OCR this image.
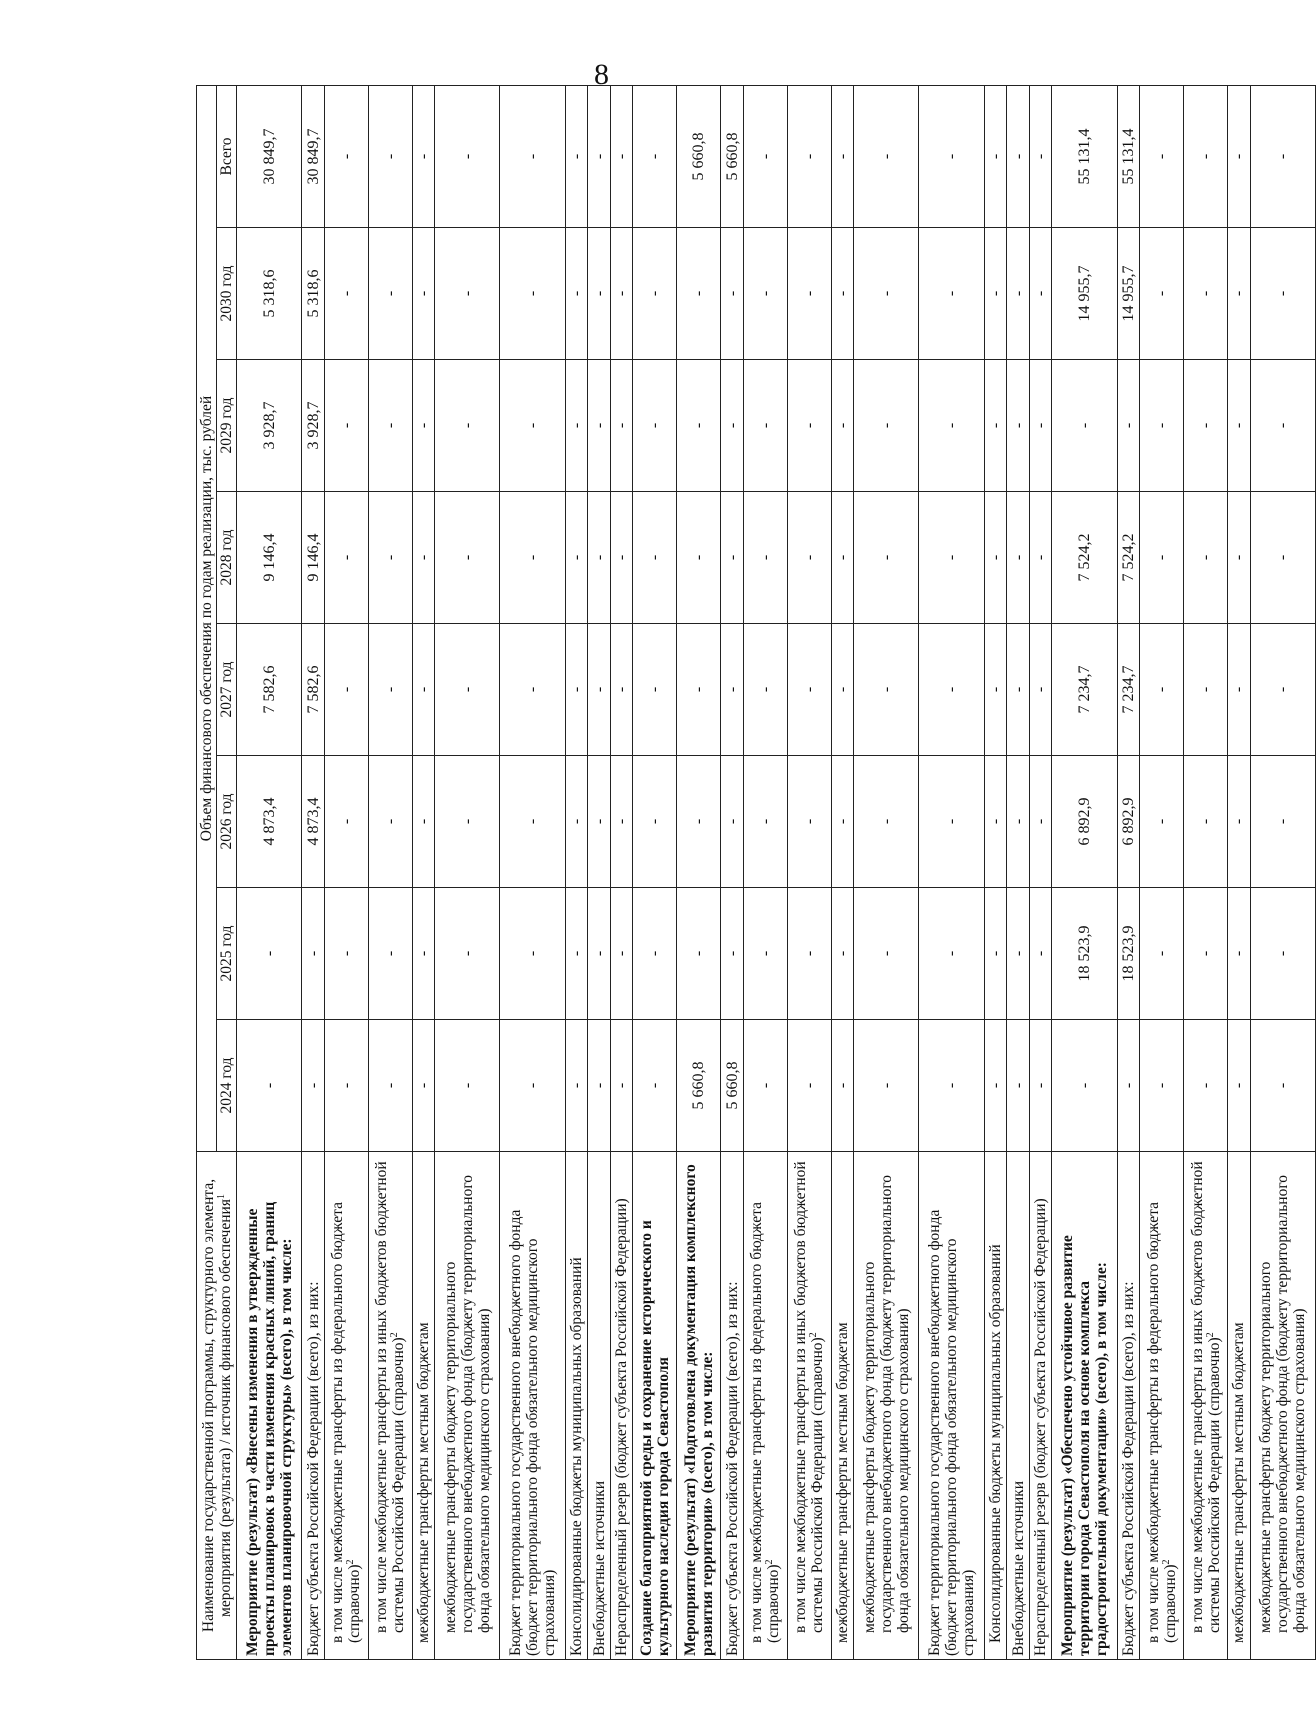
8
Наименование государственной программы, структурного элемента,
мероприятия (результата) / источник финансового обеспечения$^1$	Объем финансового обеспечения по годам реализации, тыс. рублей							
	2024 год	2025 год	2026 год	2027 год	2028 год	2029 год	2030 год	Всего
Мероприятие (результат) «Внесены изменения в утвержденные проекты планировок в части изменения красных линий, границ элементов планировочной структуры» (всего), в том числе:	-	-	4 873,4	7 582,6	9 146,4	3 928,7	5 318,6	30 849,7
Бюджет субъекта Российской Федерации (всего), из них:	-	-	4 873,4	7 582,6	9 146,4	3 928,7	5 318,6	30 849,7
в том числе межбюджетные трансферты из федерального бюджета (справочно)$^2$	-	-	-	-	-	-	-	-
в том числе межбюджетные трансферты из иных бюджетов бюджетной системы Российской Федерации (справочно)$^2$	-	-	-	-	-	-	-	-
межбюджетные трансферты местным бюджетам	-	-	-	-	-	-	-	-
межбюджетные трансферты бюджету территориального государственного внебюджетного фонда (бюджету территориального фонда обязательного медицинского страхования)	-	-	-	-	-	-	-	-
Бюджет территориального государственного внебюджетного фонда (бюджет территориального фонда обязательного медицинского страхования)	-	-	-	-	-	-	-	-
Консолидированные бюджеты муниципальных образований	-	-	-	-	-	-	-	-
Внебюджетные источники	-	-	-	-	-	-	-	-
Нераспределенный резерв (бюджет субъекта Российской Федерации)	-	-	-	-	-	-	-	-
Создание благоприятной среды и сохранение исторического и культурного наследия города Севастополя	-	-	-	-	-	-	-	-
Мероприятие (результат) «Подготовлена документация комплексного развития территории» (всего), в том числе:	5 660,8	-	-	-	-	-	-	5 660,8
Бюджет субъекта Российской Федерации (всего), из них:	5 660,8	-	-	-	-	-	-	5 660,8
в том числе межбюджетные трансферты из федерального бюджета (справочно)$^2$	-	-	-	-	-	-	-	-
в том числе межбюджетные трансферты из иных бюджетов бюджетной системы Российской Федерации (справочно)$^2$	-	-	-	-	-	-	-	-
межбюджетные трансферты местным бюджетам	-	-	-	-	-	-	-	-
межбюджетные трансферты бюджету территориального государственного внебюджетного фонда (бюджету территориального фонда обязательного медицинского страхования)	-	-	-	-	-	-	-	-
Бюджет территориального государственного внебюджетного фонда (бюджет территориального фонда обязательного медицинского страхования)	-	-	-	-	-	-	-	-
Консолидированные бюджеты муниципальных образований	-	-	-	-	-	-	-	-
Внебюджетные источники	-	-	-	-	-	-	-	-
Нераспределенный резерв (бюджет субъекта Российской Федерации)	-	-	-	-	-	-	-	-
Мероприятие (результат) «Обеспечено устойчивое развитие территории города Севастополя на основе комплекса градостроительной документации» (всего), в том числе:	-	18 523,9	6 892,9	7 234,7	7 524,2	-	14 955,7	55 131,4
Бюджет субъекта Российской Федерации (всего), из них:	-	18 523,9	6 892,9	7 234,7	7 524,2	-	14 955,7	55 131,4
в том числе межбюджетные трансферты из федерального бюджета (справочно)$^2$	-	-	-	-	-	-	-	-
в том числе межбюджетные трансферты из иных бюджетов бюджетной системы Российской Федерации (справочно)$^2$	-	-	-	-	-	-	-	-
межбюджетные трансферты местным бюджетам	-	-	-	-	-	-	-	-
межбюджетные трансферты бюджету территориального государственного внебюджетного фонда (бюджету территориального фонда обязательного медицинского страхования)	-	-	-	-	-	-	-	-
